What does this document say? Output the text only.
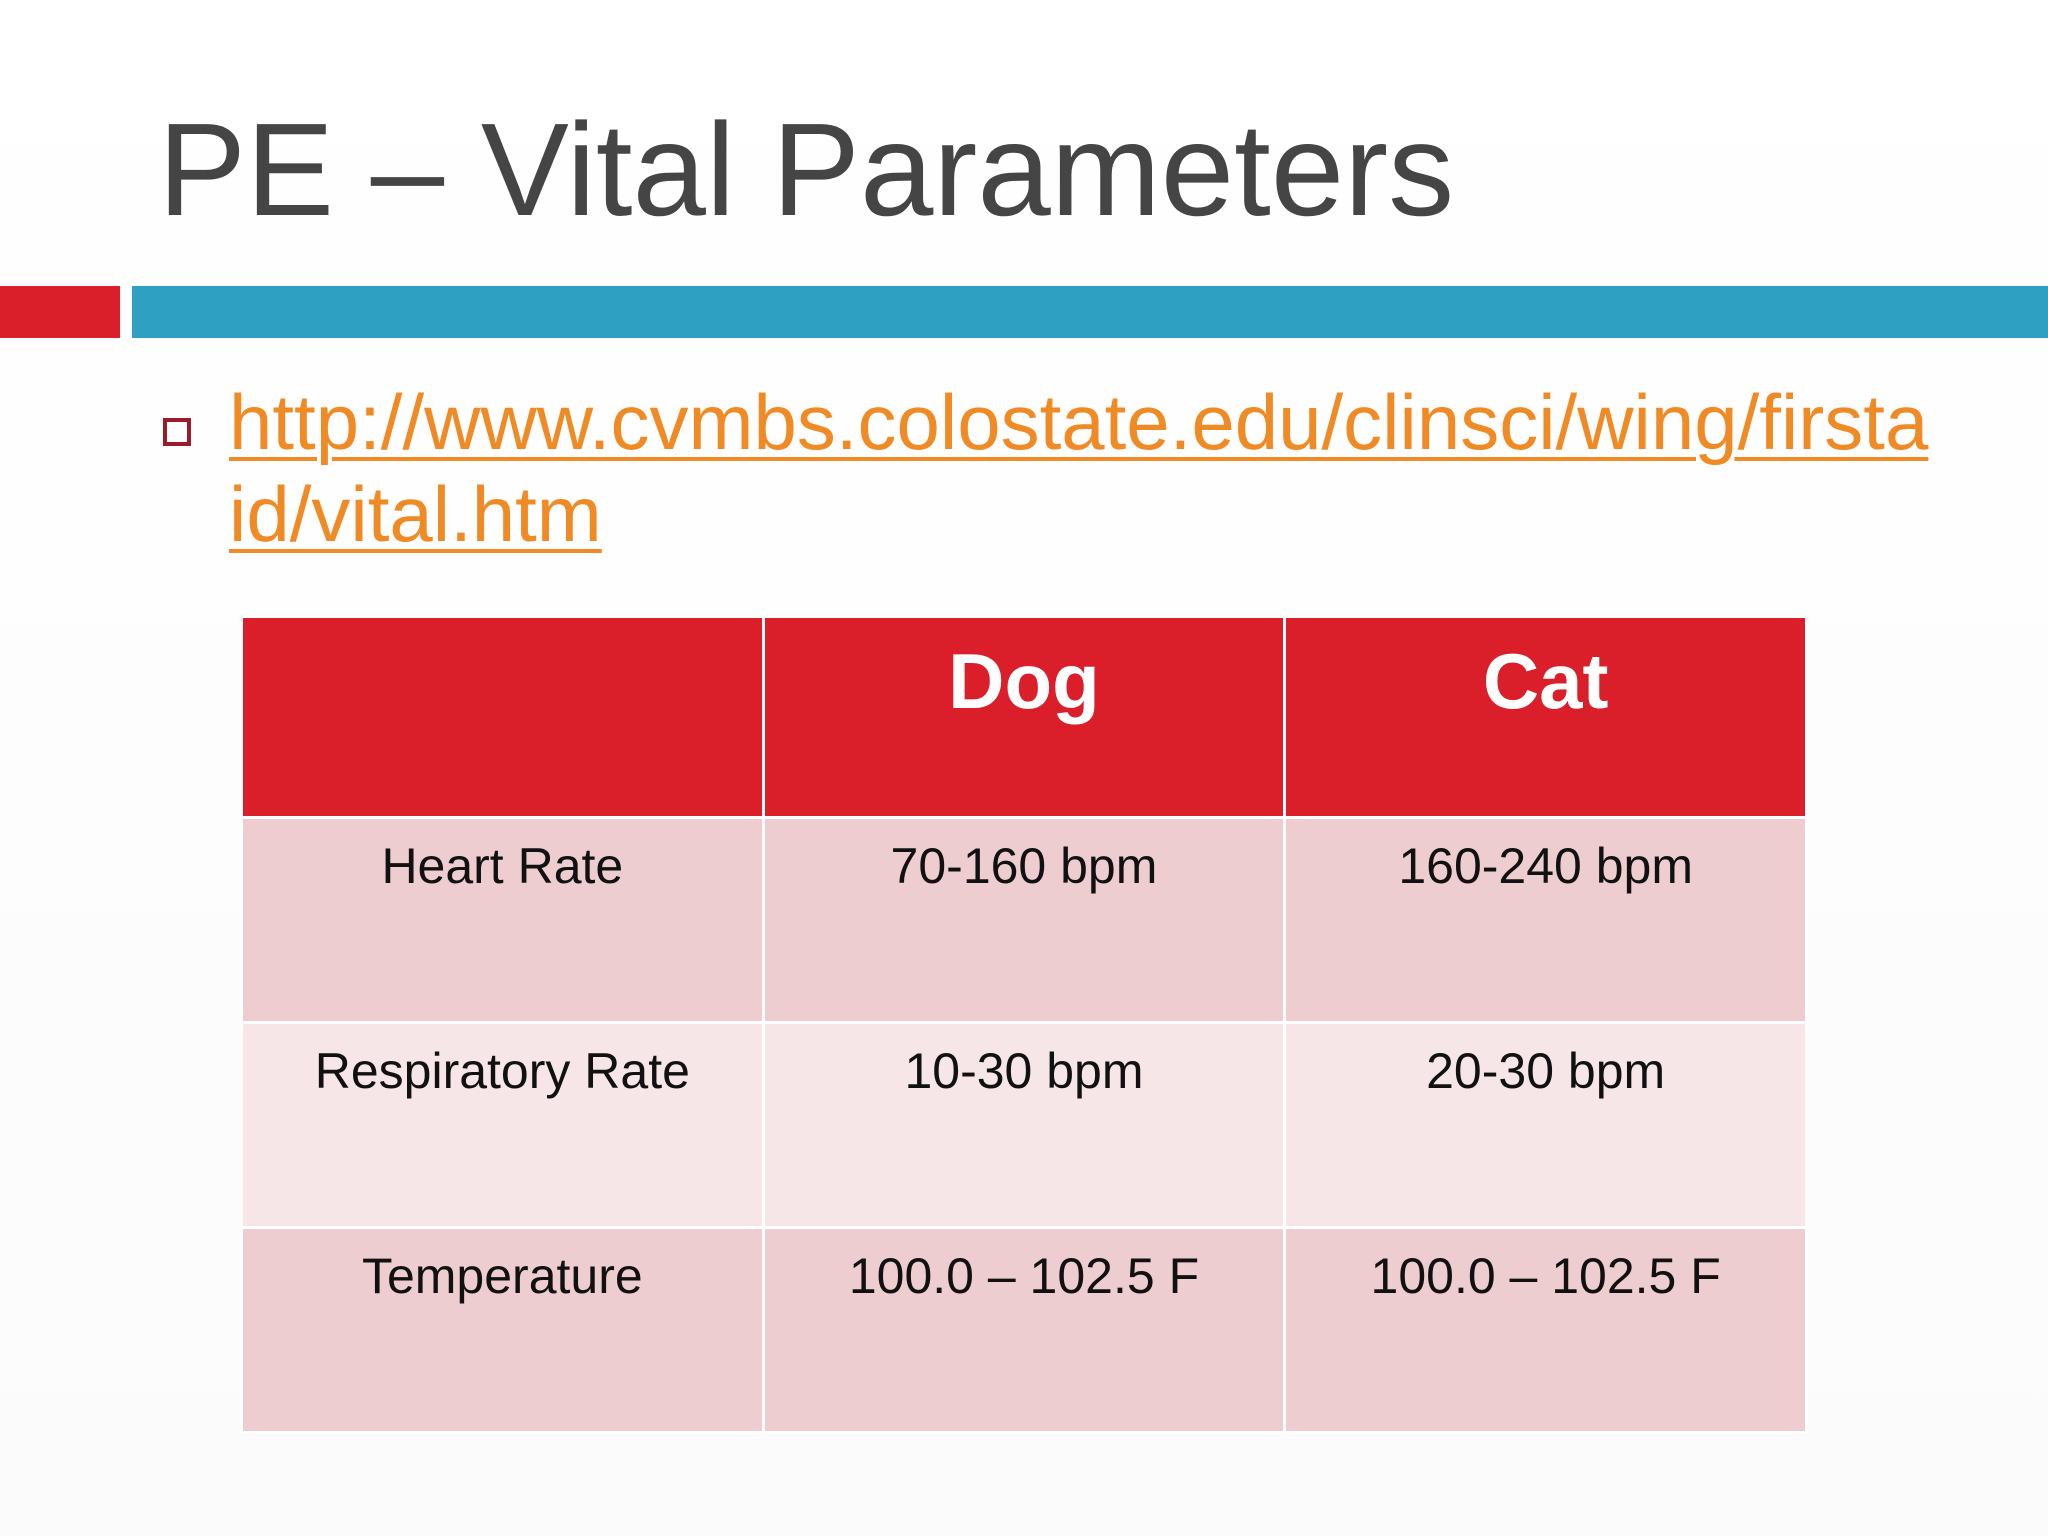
PE – Vital Parameters
http://www.cvmbs.colostate.edu/clinsci/wing/firstaid/vital.htm
	Dog	Cat
Heart Rate	70-160 bpm	160-240 bpm
Respiratory Rate	10-30 bpm	20-30 bpm
Temperature	100.0 – 102.5 F	100.0 – 102.5 F
